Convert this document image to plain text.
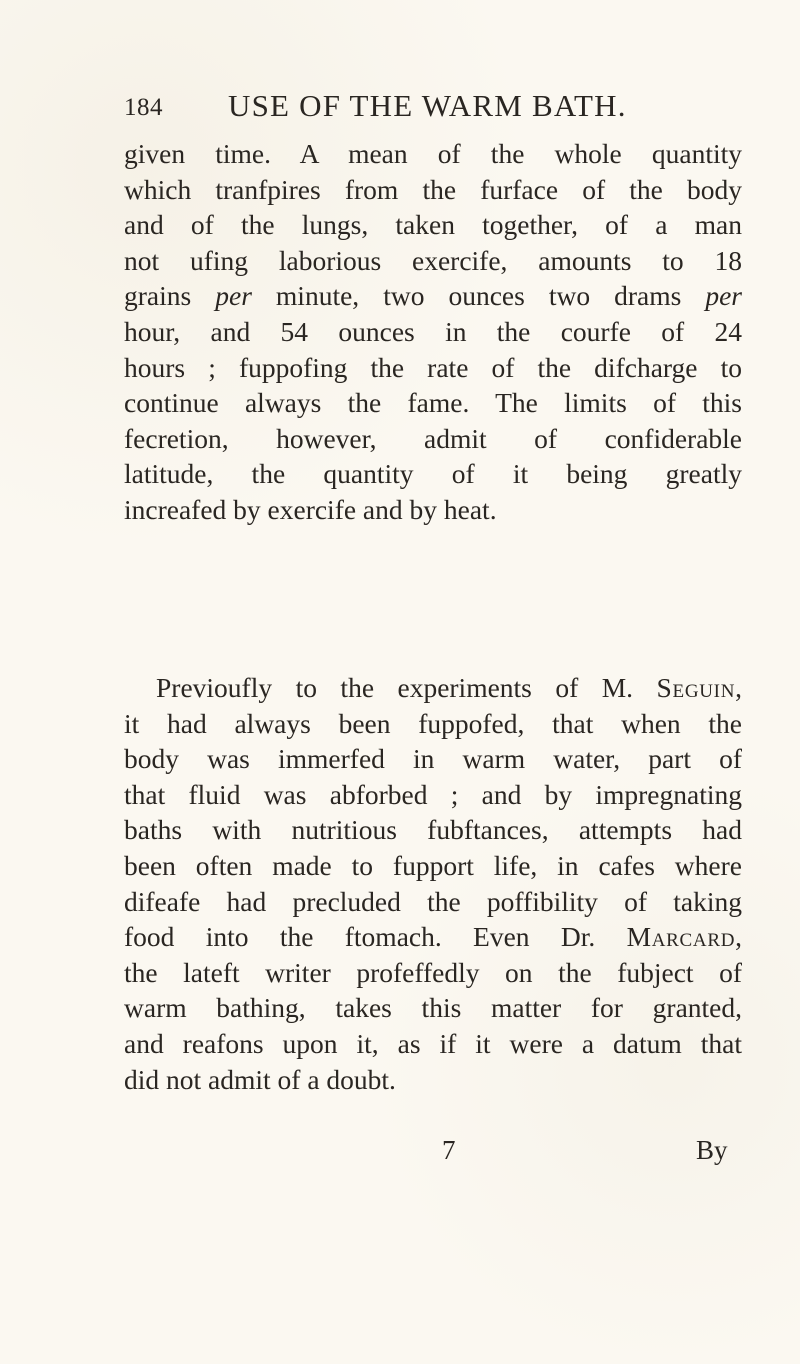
184 USE OF THE WARM BATH.
given time. A mean of the whole quantity
which tranfpires from the furface of the body
and of the lungs, taken together, of a man
not ufing laborious exercife, amounts to 18
grains per minute, two ounces two drams per
hour, and 54 ounces in the courfe of 24
hours ; fuppofing the rate of the difcharge to
continue always the fame. The limits of this
fecretion, however, admit of confiderable
latitude, the quantity of it being greatly
increafed by exercife and by heat.
Previoufly to the experiments of M. Seguin,
it had always been fuppofed, that when the
body was immerfed in warm water, part of
that fluid was abforbed ; and by impregnating
baths with nutritious fubftances, attempts had
been often made to fupport life, in cafes where
difeafe had precluded the poffibility of taking
food into the ftomach. Even Dr. Marcard,
the lateft writer profeffedly on the fubject of
warm bathing, takes this matter for granted,
and reafons upon it, as if it were a datum that
did not admit of a doubt.
7	By
